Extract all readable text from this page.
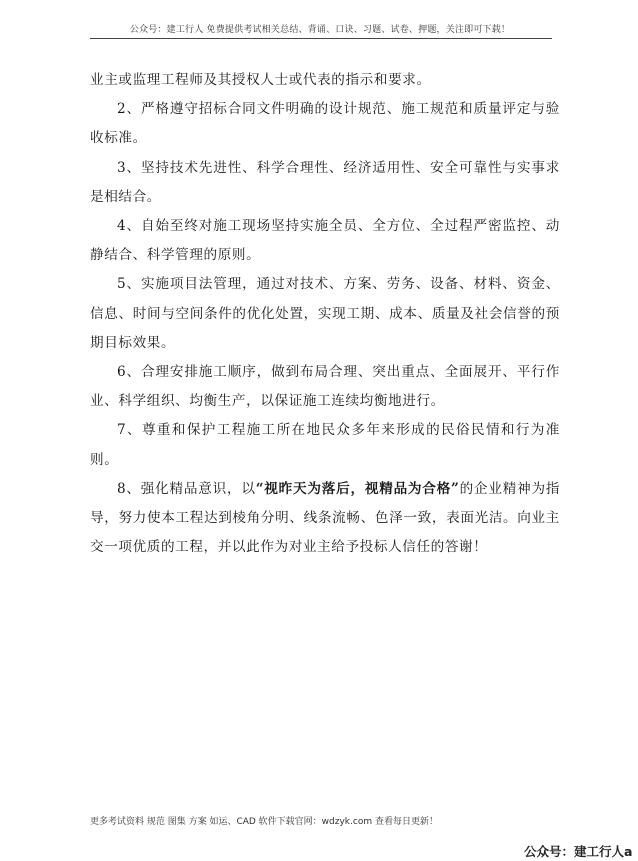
公众号：建工行人 免费提供考试相关总结、背诵、口诀、习题、试卷、押题，关注即可下载！

业主或监理工程师及其授权人士或代表的指示和要求。

2、严格遵守招标合同文件明确的设计规范、施工规范和质量评定与验收标准。

3、坚持技术先进性、科学合理性、经济适用性、安全可靠性与实事求是相结合。

4、自始至终对施工现场坚持实施全员、全方位、全过程严密监控、动静结合、科学管理的原则。

5、实施项目法管理，通过对技术、方案、劳务、设备、材料、资金、信息、时间与空间条件的优化处置，实现工期、成本、质量及社会信誉的预期目标效果。

6、合理安排施工顺序，做到布局合理、突出重点、全面展开、平行作业、科学组织、均衡生产，以保证施工连续均衡地进行。

7、尊重和保护工程施工所在地民众多年来形成的民俗民情和行为准则。

8、强化精品意识，以“视昨天为落后，视精品为合格”的企业精神为指导，努力使本工程达到棱角分明、线条流畅、色泽一致，表面光洁。向业主交一项优质的工程，并以此作为对业主给予投标人信任的答谢！

更多考试资料 规范 图集 方案 如运、CAD 软件下载官网：wdzyk.com 查看每日更新！
公众号：建工行人a
